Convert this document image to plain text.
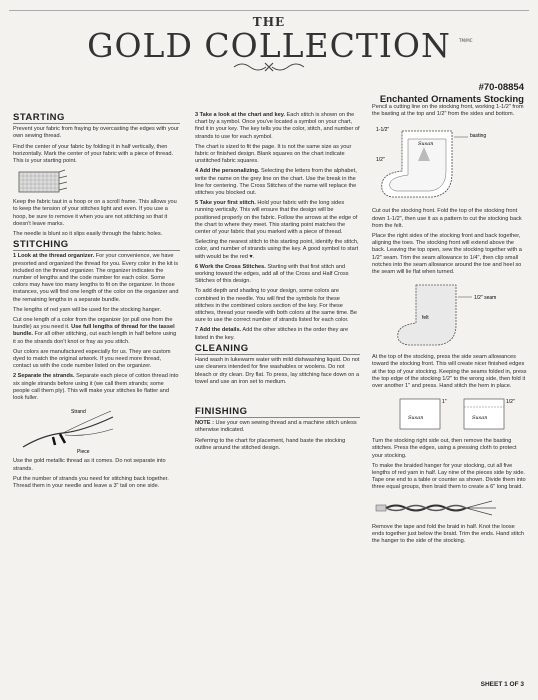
THE
GOLD COLLECTION	TM/MC
#70-08854
Enchanted Ornaments Stocking
STARTING

Prevent your fabric from fraying by overcasting the edges with your own sewing thread.

Find the center of your fabric by folding it in half vertically, then horizontally. Mark the center of your fabric with a piece of thread. This is your starting point.

Keep the fabric taut in a hoop or on a scroll frame. This allows you to keep the tension of your stitches light and even. If you use a hoop, be sure to remove it when you are not stitching so that it doesn't leave marks.

The needle is blunt so it slips easily through the fabric holes.

STITCHING

1 Look at the thread organizer. For your convenience, we have presorted and organized the thread for you. Every color in the kit is included on the thread organizer. The organizer indicates the number of lengths and the code number for each color. Some colors may have too many lengths to fit on the organizer. In those instances, you will find one length of the color on the organizer and the remaining lengths in a separate bundle.

The lengths of red yarn will be used for the stocking hanger.

Cut one length of a color from the organizer (or pull one from the bundle) as you need it. Use full lengths of thread for the tassel bundle. For all other stitching, cut each length in half before using it so the strands don't knot or fray as you stitch.

Our colors are manufactured especially for us. They are custom dyed to match the original artwork. If you need more thread, contact us with the code number listed on the organizer.

2 Separate the strands. Separate each piece of cotton thread into six single strands before using it (we call them strands; some people call them ply). This will make your stitches lie flatter and look fuller.

Strand
Piece

Use the gold metallic thread as it comes. Do not separate into strands.

Put the number of strands you need for stitching back together. Thread them in your needle and leave a 3" tail on one side.

3 Take a look at the chart and key. Each stitch is shown on the chart by a symbol. Once you've located a symbol on your chart, find it in your key. The key tells you the color, stitch, and number of strands to use for each symbol.

The chart is sized to fit the page. It is not the same size as your fabric or finished design. Blank squares on the chart indicate unstitched fabric squares.

4 Add the personalizing. Selecting the letters from the alphabet, write the name on the grey line on the chart. Use the break in the line for centering. The Cross Stitches of the name will replace the stitches you blocked out.

5 Take your first stitch. Hold your fabric with the long sides running vertically. This will ensure that the design will be positioned properly on the fabric. Follow the arrows at the edge of the chart to where they meet. This starting point matches the center of your fabric that you marked with a piece of thread.

Selecting the nearest stitch to this starting point, identify the stitch, color, and number of strands using the key. A good symbol to start with would be the red ♥.

6 Work the Cross Stitches. Starting with that first stitch and working toward the edges, add all of the Cross and Half Cross Stitches of this design.

To add depth and shading to your design, some colors are combined in the needle. You will find the symbols for these stitches in the combined colors section of the key. For these stitches, thread your needle with both colors at the same time. Be sure to use the correct number of strands listed for each color.

7 Add the details. Add the other stitches in the order they are listed in the key.

CLEANING

Hand wash in lukewarm water with mild dishwashing liquid. Do not use cleaners intended for fine washables or woolens. Do not bleach or dry clean. Dry flat. To press, lay stitching face down on a towel and use an iron set to medium.

FINISHING

NOTE : Use your own sewing thread and a machine stitch unless otherwise indicated.

Referring to the chart for placement, hand baste the stocking outline around the stitched design.

Pencil a cutting line on the stocking front, working 1-1/2" from the basting at the top and 1/2" from the sides and bottom.

Susan
1-1/2"
basting
1/2"

Cut out the stocking front. Fold the top of the stocking front down 1-1/2", then use it as a pattern to cut the stocking back from the felt.

Place the right sides of the stocking front and back together, aligning the toes. The stocking front will extend above the back. Leaving the top open, sew the stocking together with a 1/2" seam. Trim the seam allowance to 1/4", then clip small notches into the seam allowance around the toe and heel so the seam will lie flat when turned.

felt
1/2" seam

At the top of the stocking, press the side seam allowances toward the stocking front. This will create nicer finished edges at the top of your stocking. Keeping the seams folded in, press the top edge of the stocking 1/2" to the wrong side, then fold it over another 1" and press. Hand stitch the hem in place.

Susan	Susan
1"	1/2"

Turn the stocking right side out, then remove the basting stitches. Press the edges, using a pressing cloth to protect your stocking.

To make the braided hanger for your stocking, cut all five lengths of red yarn in half. Lay nine of the pieces side by side. Tape one end to a table or counter as shown. Divide them into three equal groups, then braid them to create a 6" long braid.

Remove the tape and fold the braid in half. Knot the loose ends together just below the braid. Trim the ends. Hand stitch the hanger to the side of the stocking.

SHEET 1 OF 3
